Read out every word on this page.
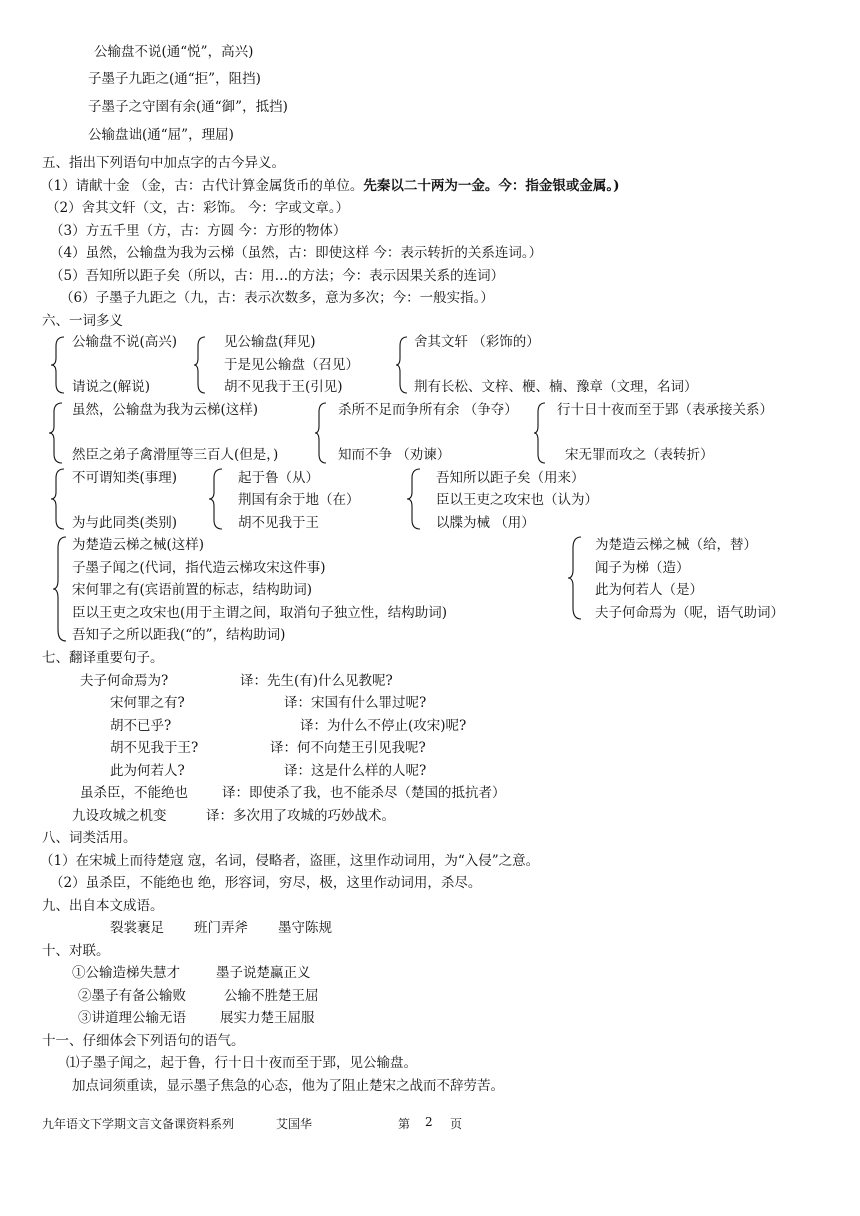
公输盘不说(通“悦”，高兴)
子墨子九距之(通“拒”，阻挡)
子墨子之守圉有余(通“御”，抵挡)
公输盘诎(通“屈”，理屈)
五、指出下列语句中加点字的古今异义。
（1）请献十金 （金，古：古代计算金属货币的单位。先秦以二十两为一金。今：指金银或金属。)
（2）舍其文轩（文，古：彩饰。 今：字或文章。）
（3）方五千里（方，古：方圆 今：方形的物体）
（4）虽然，公输盘为我为云梯（虽然，古：即使这样 今：表示转折的关系连词。）
（5）吾知所以距子矣（所以，古：用…的方法；今：表示因果关系的连词）
（6）子墨子九距之（九，古：表示次数多，意为多次；今：一般实指。）
六、一词多义
公输盘不说(高兴)
请说之(解说)
见公输盘(拜见)
于是见公输盘（召见）
胡不见我于王(引见)
舍其文轩 （彩饰的）
荆有长松、文梓、楩、楠、豫章（文理，名词）
虽然，公输盘为我为云梯(这样)
然臣之弟子禽滑厘等三百人(但是，)
杀所不足而争所有余 （争夺）
知而不争 （劝谏）
行十日十夜而至于郢（表承接关系）
宋无罪而攻之（表转折）
不可谓知类(事理)
为与此同类(类别)
起于鲁（从）
荆国有余于地（在）
胡不见我于王
吾知所以距子矣（用来）
臣以王吏之攻宋也（认为）
以牒为械 （用）
为楚造云梯之械(这样)
子墨子闻之(代词，指代造云梯攻宋这件事)
宋何罪之有(宾语前置的标志，结构助词)
臣以王吏之攻宋也(用于主谓之间，取消句子独立性，结构助词)
吾知子之所以距我(“的”，结构助词)
为楚造云梯之械（给，替）
闻子为梯（造）
此为何若人（是）
夫子何命焉为（呢，语气助词）
七、翻译重要句子。
夫子何命焉为?	译：先生(有)什么见教呢?
宋何罪之有?	译：宋国有什么罪过呢?
胡不已乎?	译：为什么不停止(攻宋)呢?
胡不见我于王?	译：何不向楚王引见我呢?
此为何若人?	译：这是什么样的人呢?
虽杀臣，不能绝也	译：即使杀了我，也不能杀尽（楚国的抵抗者）
九设攻城之机变	译：多次用了攻城的巧妙战术。
八、词类活用。
（1）在宋城上而待楚寇 寇，名词，侵略者，盗匪，这里作动词用，为“入侵”之意。
（2）虽杀臣，不能绝也 绝，形容词，穷尽，极，这里作动词用，杀尽。
九、出自本文成语。
裂裳裹足 班门弄斧 墨守陈规
十、对联。
①公输造梯失慧才	墨子说楚赢正义
②墨子有备公输败	公输不胜楚王屈
③讲道理公输无语	展实力楚王屈服
十一、仔细体会下列语句的语气。
⑴子墨子闻之，起于鲁，行十日十夜而至于郢，见公输盘。
加点词须重读，显示墨子焦急的心态，他为了阻止楚宋之战而不辞劳苦。
九年语文下学期文言文备课资料系列	艾国华	第 2 页
